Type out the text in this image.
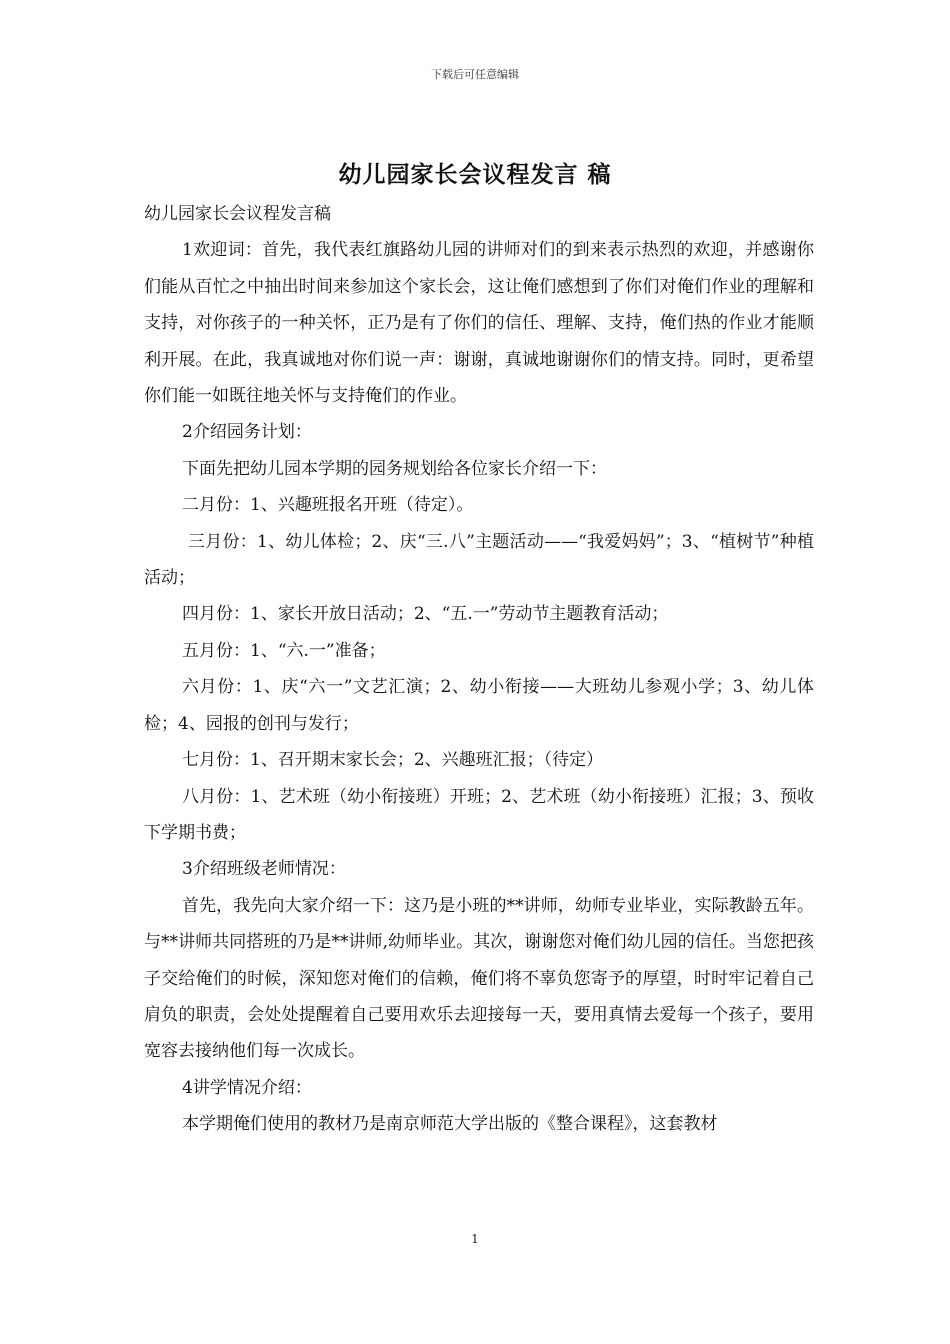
下载后可任意编辑
幼儿园家长会议程发言 稿

幼儿园家长会议程发言稿

1欢迎词：首先，我代表红旗路幼儿园的讲师对们的到来表示热烈的欢迎，并感谢你们能从百忙之中抽出时间来参加这个家长会，这让俺们感想到了你们对俺们作业的理解和支持，对你孩子的一种关怀，正乃是有了你们的信任、理解、支持，俺们热的作业才能顺利开展。在此，我真诚地对你们说一声：谢谢，真诚地谢谢你们的情支持。同时，更希望你们能一如既往地关怀与支持俺们的作业。

2介绍园务计划：

下面先把幼儿园本学期的园务规划给各位家长介绍一下：

二月份：1、兴趣班报名开班（待定）。

三月份：1、幼儿体检；2、庆“三.八”主题活动——“我爱妈妈”；3、“植树节”种植活动；

四月份：1、家长开放日活动；2、“五.一”劳动节主题教育活动；

五月份：1、“六.一”准备；

六月份：1、庆“六一”文艺汇演；2、幼小衔接——大班幼儿参观小学；3、幼儿体检；4、园报的创刊与发行；

七月份：1、召开期末家长会；2、兴趣班汇报；（待定）

八月份：1、艺术班（幼小衔接班）开班；2、艺术班（幼小衔接班）汇报；3、预收下学期书费；

3介绍班级老师情况：

首先，我先向大家介绍一下：这乃是小班的**讲师，幼师专业毕业，实际教龄五年。与**讲师共同搭班的乃是**讲师,幼师毕业。其次，谢谢您对俺们幼儿园的信任。当您把孩子交给俺们的时候，深知您对俺们的信赖，俺们将不辜负您寄予的厚望，时时牢记着自己肩负的职责，会处处提醒着自己要用欢乐去迎接每一天，要用真情去爱每一个孩子，要用宽容去接纳他们每一次成长。

4讲学情况介绍：

本学期俺们使用的教材乃是南京师范大学出版的《整合课程》，这套教材

1
